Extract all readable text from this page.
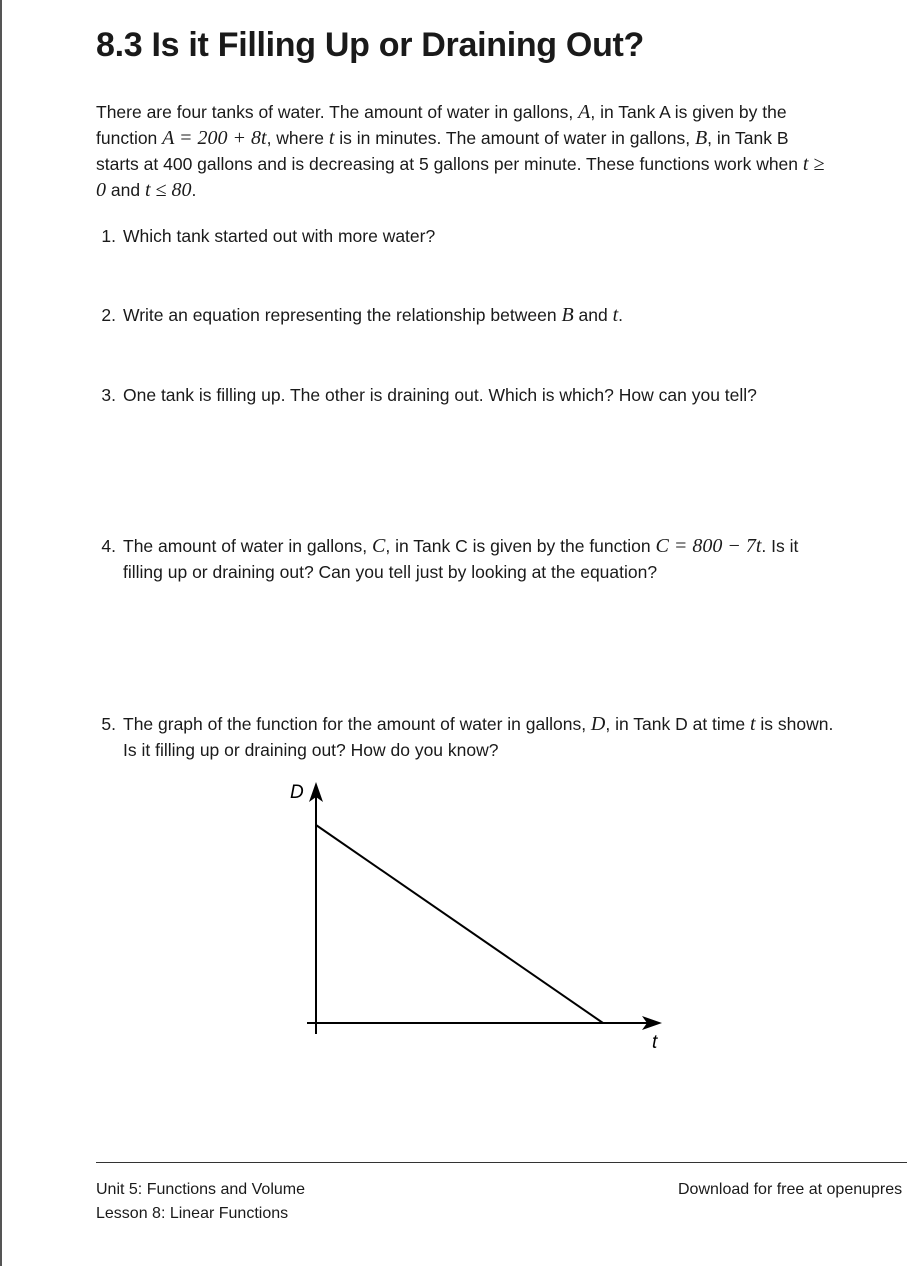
8.3 Is it Filling Up or Draining Out?
There are four tanks of water. The amount of water in gallons, A, in Tank A is given by the function A = 200 + 8t, where t is in minutes. The amount of water in gallons, B, in Tank B starts at 400 gallons and is decreasing at 5 gallons per minute. These functions work when t ≥ 0 and t ≤ 80.
1. Which tank started out with more water?
2. Write an equation representing the relationship between B and t.
3. One tank is filling up. The other is draining out. Which is which? How can you tell?
4. The amount of water in gallons, C, in Tank C is given by the function C = 800 − 7t. Is it filling up or draining out? Can you tell just by looking at the equation?
5. The graph of the function for the amount of water in gallons, D, in Tank D at time t is shown. Is it filling up or draining out? How do you know?
D
t
Unit 5: Functions and Volume
Lesson 8: Linear Functions
Download for free at openupres
